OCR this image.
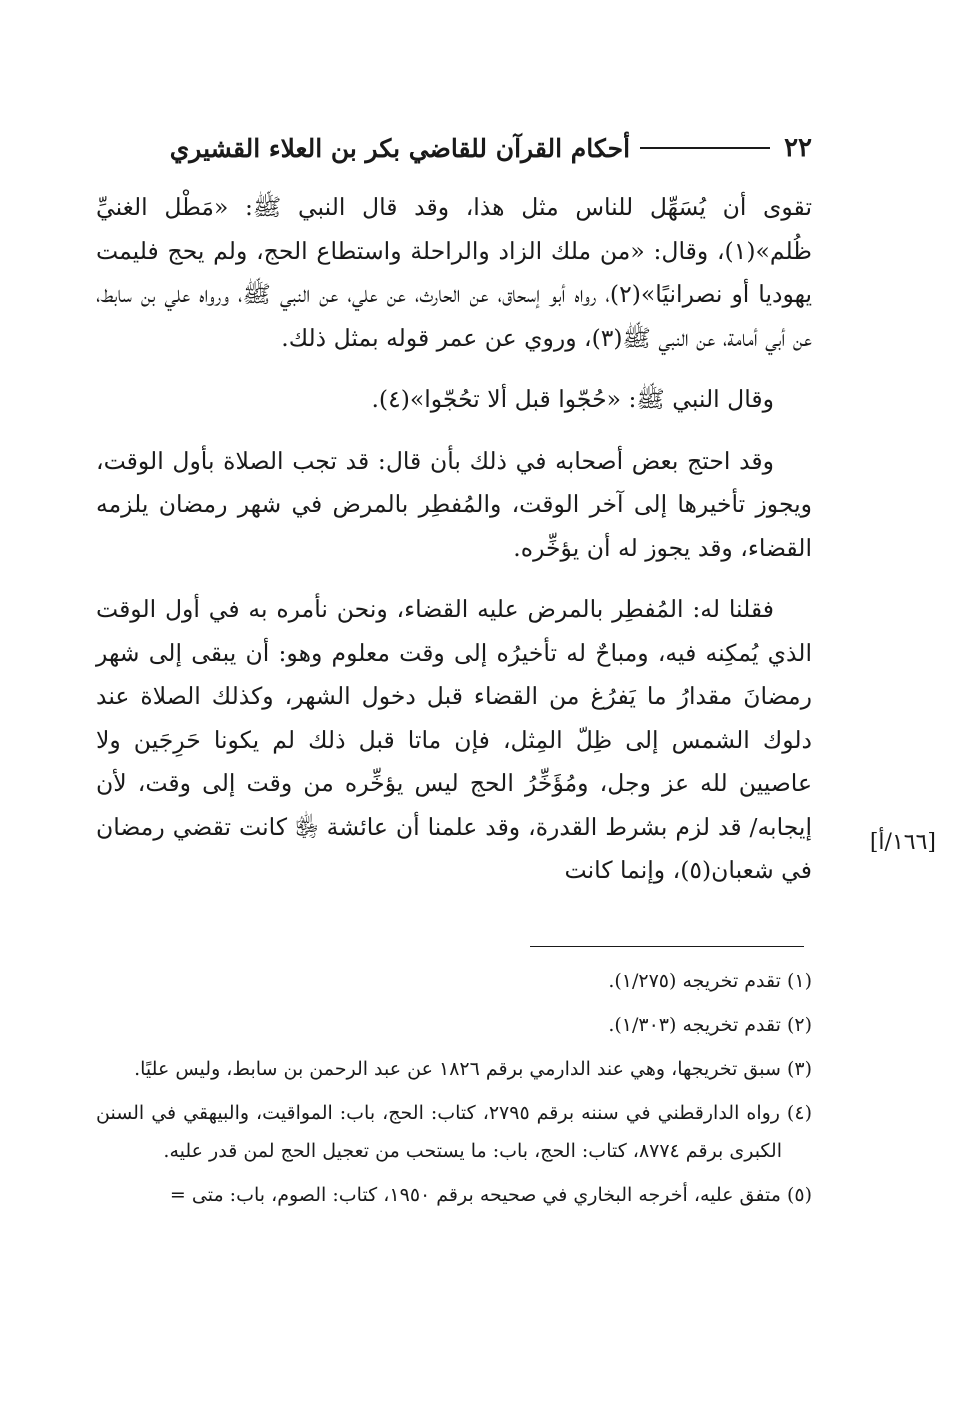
٢٢
أحكام القرآن للقاضي بكر بن العلاء القشيري

تقوى أن يُسَهِّل للناس مثل هذا، وقد قال النبي ﷺ: «مَطْل الغنيِّ ظُلم»(١)، وقال: «من ملك الزاد والراحلة واستطاع الحج، ولم يحج فليمت يهوديا أو نصرانيًا»(٢)، رواه أبو إسحاق، عن الحارث، عن علي، عن النبي ﷺ، ورواه علي بن سابط، عن أبي أمامة، عن النبي ﷺ(٣)، وروي عن عمر قوله بمثل ذلك.

وقال النبي ﷺ: «حُجّوا قبل ألا تحُجّوا»(٤).

وقد احتج بعض أصحابه في ذلك بأن قال: قد تجب الصلاة بأول الوقت، ويجوز تأخيرها إلى آخر الوقت، والمُفطِر بالمرض في شهر رمضان يلزمه القضاء، وقد يجوز له أن يؤخِّره.

فقلنا له: المُفطِر بالمرض عليه القضاء، ونحن نأمره به في أول الوقت الذي يُمكِنه فيه، ومباحٌ له تأخيرُه إلى وقت معلوم وهو: أن يبقى إلى شهر رمضانَ مقدارُ ما يَفرُغ من القضاء قبل دخول الشهر، وكذلك الصلاة عند دلوك الشمس إلى ظِلّ المِثل، فإن ماتا قبل ذلك لم يكونا حَرِجَين ولا عاصيين لله عز وجل، ومُؤَخِّرُ الحج ليس يؤخِّره من وقت إلى وقت، لأن إيجابه/ قد لزم بشرط القدرة، وقد علمنا أن عائشة ﵂ كانت تقضي رمضان في شعبان(٥)، وإنما كانت

[١٦٦/أ]

(١) تقدم تخريجه (١/٢٧٥).

(٢) تقدم تخريجه (١/٣٠٣).

(٣) سبق تخريجها، وهي عند الدارمي برقم ١٨٢٦ عن عبد الرحمن بن سابط، وليس عليًا.

(٤) رواه الدارقطني في سننه برقم ٢٧٩٥، كتاب: الحج، باب: المواقيت، والبيهقي في السنن الكبرى برقم ٨٧٧٤، كتاب: الحج، باب: ما يستحب من تعجيل الحج لمن قدر عليه.

(٥) متفق عليه، أخرجه البخاري في صحيحه برقم ١٩٥٠، كتاب: الصوم، باب: متى =
